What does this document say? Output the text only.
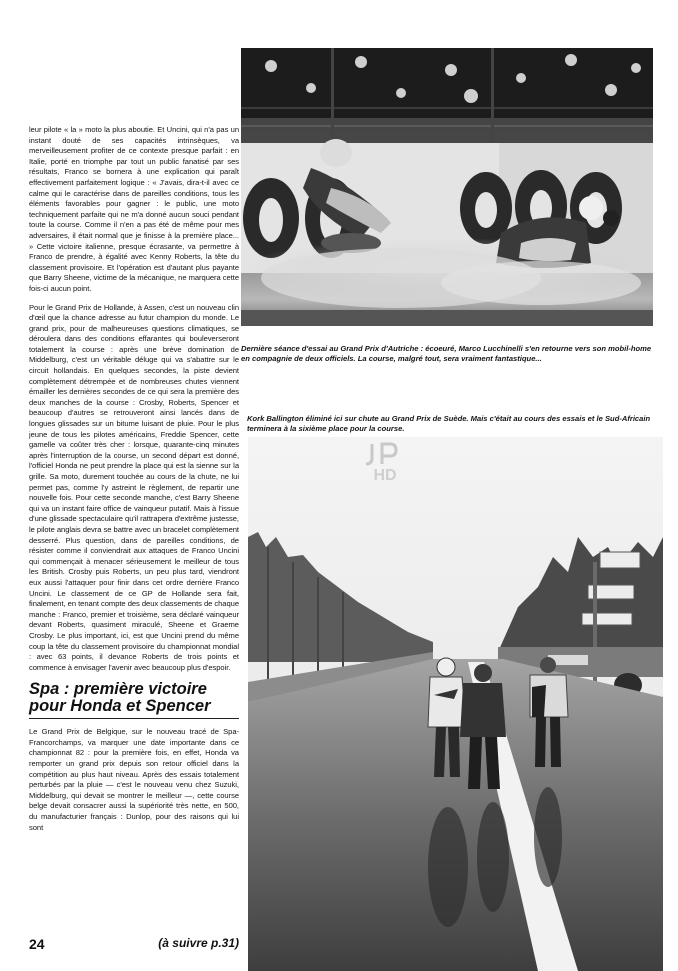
leur pilote « la » moto la plus aboutie. Et Uncini, qui n'a pas un instant douté de ses capacités intrinsèques, va merveilleusement profiter de ce contexte presque parfait : en Italie, porté en triomphe par tout un public fanatisé par ses résultats, Franco se bornera à une explication qui paraît effectivement parfaitement logique : « J'avais, dira-t-il avec ce calme qui le caractérise dans de pareilles conditions, tous les éléments favorables pour gagner : le public, une moto techniquement parfaite qui ne m'a donné aucun souci pendant toute la course. Comme il n'en a pas été de même pour mes adversaires, il était normal que je finisse à la première place... » Cette victoire italienne, presque écrasante, va permettre à Franco de prendre, à égalité avec Kenny Roberts, la tête du classement provisoire. Et l'opération est d'autant plus payante que Barry Sheene, victime de la mécanique, ne marquera cette fois-ci aucun point.

Pour le Grand Prix de Hollande, à Assen, c'est un nouveau clin d'œil que la chance adresse au futur champion du monde. Le grand prix, pour de malheureuses questions climatiques, se déroulera dans des conditions effarantes qui bouleverseront totalement la course : après une brève domination de Middelburg, c'est un véritable déluge qui va s'abattre sur le circuit hollandais. En quelques secondes, la piste devient complètement détrempée et de nombreuses chutes viennent émailler les dernières secondes de ce qui sera la première des deux manches de la course : Crosby, Roberts, Spencer et beaucoup d'autres se retrouveront ainsi lancés dans de longues glissades sur un bitume luisant de pluie. Pour le plus jeune de tous les pilotes américains, Freddie Spencer, cette gamelle va coûter très cher : lorsque, quarante-cinq minutes après l'interruption de la course, un second départ est donné, l'officiel Honda ne peut prendre la place qui est la sienne sur la grille. Sa moto, durement touchée au cours de la chute, ne lui permet pas, comme l'y astreint le règlement, de repartir une nouvelle fois. Pour cette seconde manche, c'est Barry Sheene qui va un instant faire office de vainqueur putatif. Mais à l'issue d'une glissade spectaculaire qu'il rattrapera d'extrême justesse, le pilote anglais devra se battre avec un bracelet complètement desserré. Plus question, dans de pareilles conditions, de résister comme il conviendrait aux attaques de Franco Uncini qui commençait à menacer sérieusement le meilleur de tous les British. Crosby puis Roberts, un peu plus tard, viendront eux aussi l'attaquer pour finir dans cet ordre derrière Franco Uncini. Le classement de ce GP de Hollande sera fait, finalement, en tenant compte des deux classements de chaque manche : Franco, premier et troisième, sera déclaré vainqueur devant Roberts, quasiment miraculé, Sheene et Graeme Crosby. Le plus important, ici, est que Uncini prend du même coup la tête du classement provisoire du championnat mondial : avec 63 points, il devance Roberts de trois points et commence à envisager l'avenir avec beaucoup plus d'espoir.

Spa : première victoire
pour Honda et Spencer

Le Grand Prix de Belgique, sur le nouveau tracé de Spa-Francorchamps, va marquer une date importante dans ce championnat 82 : pour la première fois, en effet, Honda va remporter un grand prix depuis son retour officiel dans la compétition au plus haut niveau. Après des essais totalement perturbés par la pluie — c'est le nouveau venu chez Suzuki, Middelburg, qui devait se montrer le meilleur —, cette course belge devait consacrer aussi la supériorité très nette, en 500, du manufacturier français : Dunlop, pour des raisons qui lui sont

24	(à suivre p.31)

Dernière séance d'essai au Grand Prix d'Autriche : écoeuré, Marco Lucchinelli s'en retourne vers son mobil-home en compagnie de deux officiels. La course, malgré tout, sera vraiment fantastique...

Kork Ballington éliminé ici sur chute au Grand Prix de Suède. Mais c'était au cours des essais et le Sud-Africain terminera à la sixième place pour la course.

HD
